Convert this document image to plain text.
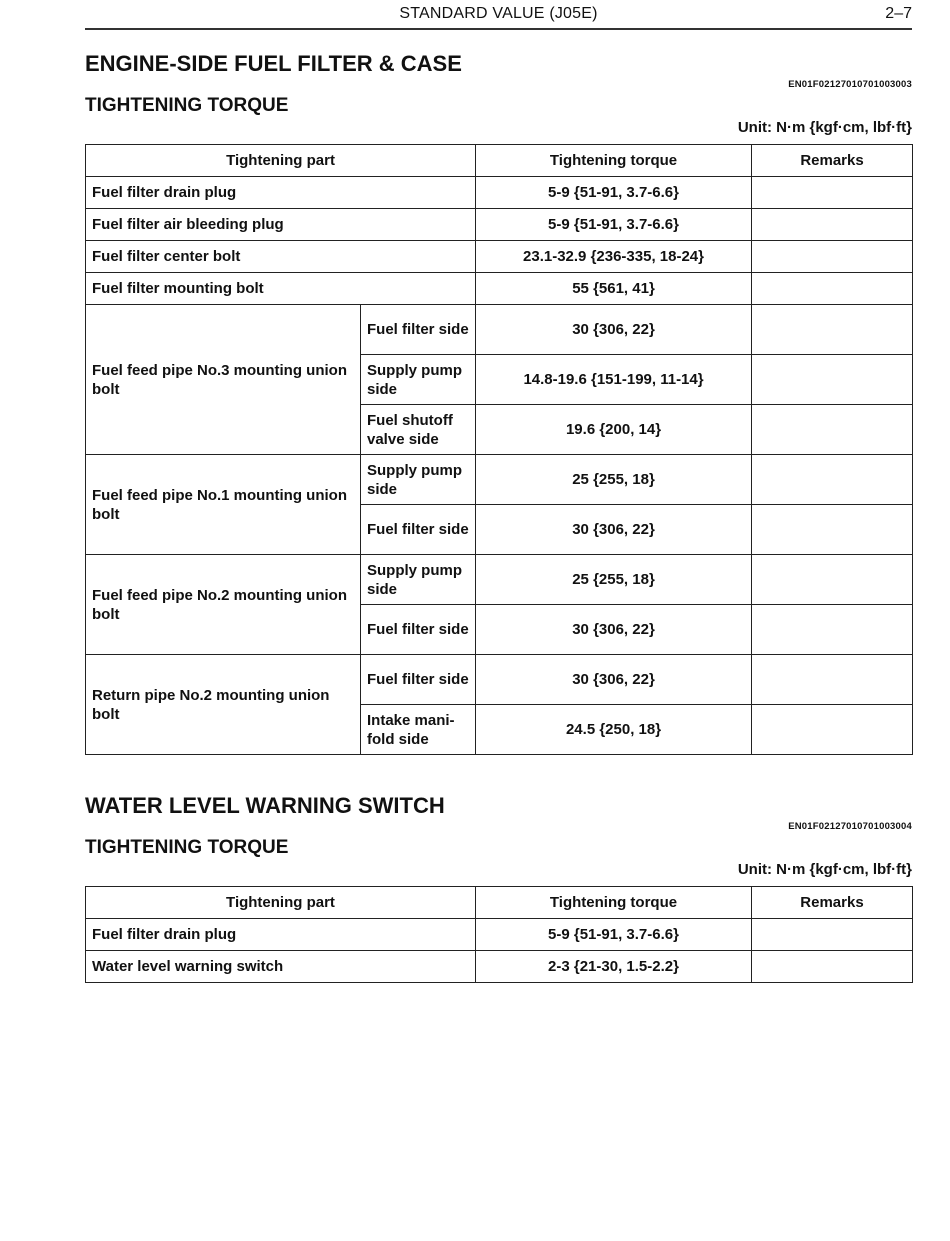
STANDARD VALUE (J05E)	2–7
ENGINE-SIDE FUEL FILTER & CASE
EN01F02127010701003003
TIGHTENING TORQUE
Unit: N·m {kgf·cm, lbf·ft}
Tightening part		Tightening torque	Remarks
Fuel filter drain plug		5-9 {51-91, 3.7-6.6}	
Fuel filter air bleeding plug		5-9 {51-91, 3.7-6.6}	
Fuel filter center bolt		23.1-32.9 {236-335, 18-24}	
Fuel filter mounting bolt		55 {561, 41}	
Fuel feed pipe No.3 mounting union bolt	Fuel filter side	30 {306, 22}	
	Supply pump side	14.8-19.6 {151-199, 11-14}	
	Fuel shutoff valve side	19.6 {200, 14}	
Fuel feed pipe No.1 mounting union bolt	Supply pump side	25 {255, 18}	
	Fuel filter side	30 {306, 22}	
Fuel feed pipe No.2 mounting union bolt	Supply pump side	25 {255, 18}	
	Fuel filter side	30 {306, 22}	
Return pipe No.2 mounting union bolt	Fuel filter side	30 {306, 22}	
	Intake mani-fold side	24.5 {250, 18}	
WATER LEVEL WARNING SWITCH
EN01F02127010701003004
TIGHTENING TORQUE
Unit: N·m {kgf·cm, lbf·ft}
Tightening part	Tightening torque	Remarks
Fuel filter drain plug	5-9 {51-91, 3.7-6.6}	
Water level warning switch	2-3 {21-30, 1.5-2.2}	
